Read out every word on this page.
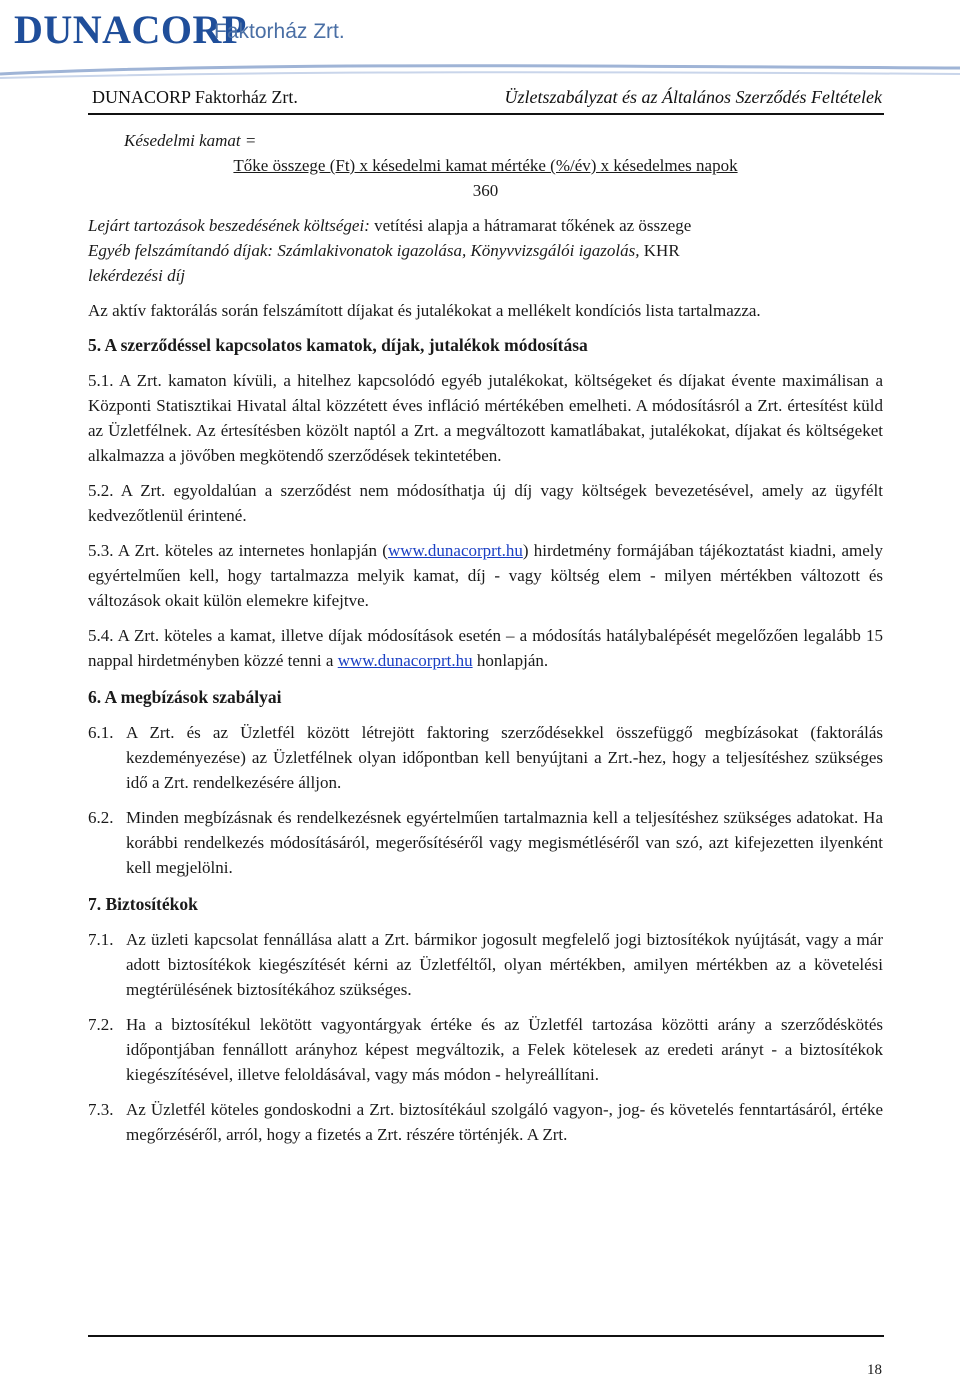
DUNACORP
Faktorház Zrt.
DUNACORP Faktorház Zrt.	Üzletszabályzat és az Általános Szerződés Feltételek

Késedelmi kamat =

Tőke összege (Ft) x késedelmi kamat mértéke (%/év) x késedelmes napok

360

Lejárt tartozások beszedésének költségei: vetítési alapja a hátramarat tőkének az összege

Egyéb felszámítandó díjak: Számlakivonatok igazolása, Könyvvizsgálói igazolás, KHR

lekérdezési díj

Az aktív faktorálás során felszámított díjakat és jutalékokat a mellékelt kondíciós lista tartalmazza.

5. A szerződéssel kapcsolatos kamatok, díjak, jutalékok módosítása

5.1. A Zrt. kamaton kívüli, a hitelhez kapcsolódó egyéb jutalékokat, költségeket és díjakat évente maximálisan a Központi Statisztikai Hivatal által közzétett éves infláció mértékében emelheti. A módosításról a Zrt. értesítést küld az Üzletfélnek. Az értesítésben közölt naptól a Zrt. a megváltozott kamatlábakat, jutalékokat, díjakat és költségeket alkalmazza a jövőben megkötendő szerződések tekintetében.

5.2. A Zrt. egyoldalúan a szerződést nem módosíthatja új díj vagy költségek bevezetésével, amely az ügyfélt kedvezőtlenül érintené.

5.3. A Zrt. köteles az internetes honlapján (www.dunacorprt.hu) hirdetmény formájában tájékoztatást kiadni, amely egyértelműen kell, hogy tartalmazza melyik kamat, díj - vagy költség elem - milyen mértékben változott és változások okait külön elemekre kifejtve.

5.4. A Zrt. köteles a kamat, illetve díjak módosítások esetén – a módosítás hatálybalépését megelőzően legalább 15 nappal hirdetményben közzé tenni a www.dunacorprt.hu honlapján.

6. A megbízások szabályai

6.1. A Zrt. és az Üzletfél között létrejött faktoring szerződésekkel összefüggő megbízásokat (faktorálás kezdeményezése) az Üzletfélnek olyan időpontban kell benyújtani a Zrt.-hez, hogy a teljesítéshez szükséges idő a Zrt. rendelkezésére álljon.
6.2. Minden megbízásnak és rendelkezésnek egyértelműen tartalmaznia kell a teljesítéshez szükséges adatokat. Ha korábbi rendelkezés módosításáról, megerősítéséről vagy megismétléséről van szó, azt kifejezetten ilyenként kell megjelölni.

7. Biztosítékok

7.1. Az üzleti kapcsolat fennállása alatt a Zrt. bármikor jogosult megfelelő jogi biztosítékok nyújtását, vagy a már adott biztosítékok kiegészítését kérni az Üzletféltől, olyan mértékben, amilyen mértékben az a követelési megtérülésének biztosítékához szükséges.
7.2. Ha a biztosítékul lekötött vagyontárgyak értéke és az Üzletfél tartozása közötti arány a szerződéskötés időpontjában fennállott arányhoz képest megváltozik, a Felek kötelesek az eredeti arányt - a biztosítékok kiegészítésével, illetve feloldásával, vagy más módon - helyreállítani.
7.3. Az Üzletfél köteles gondoskodni a Zrt. biztosítékául szolgáló vagyon-, jog- és követelés fenntartásáról, értéke megőrzéséről, arról, hogy a fizetés a Zrt. részére történjék. A Zrt.
18
